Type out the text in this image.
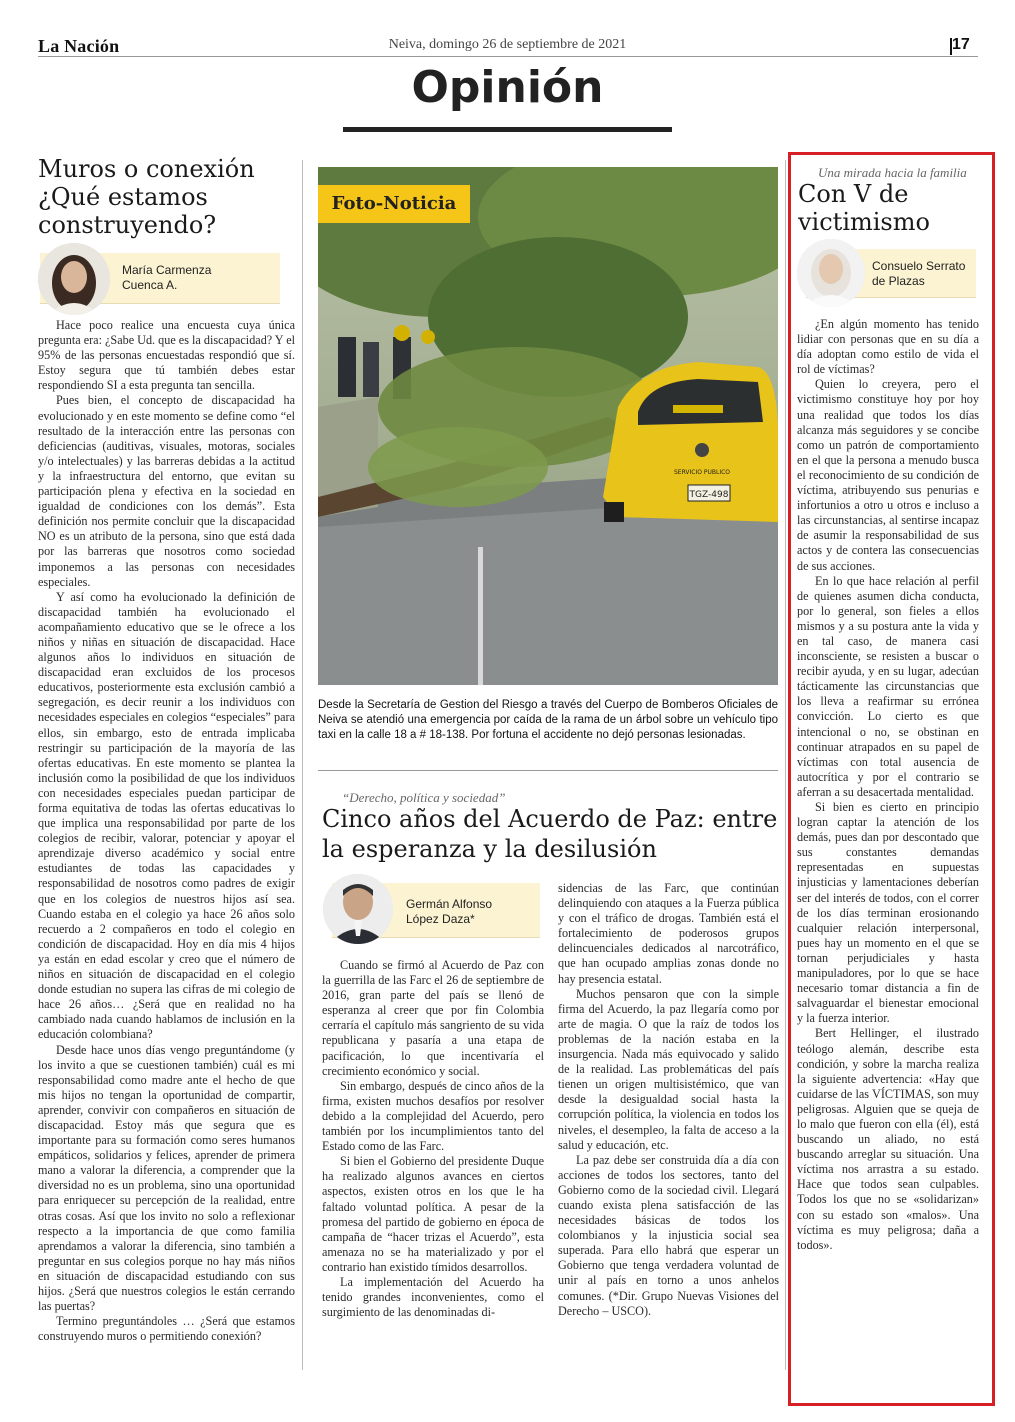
La Nación	Neiva, domingo 26 de septiembre de 2021	17
Opinión
Muros o conexión
¿Qué estamos
construyendo?
María Carmenza
Cuenca A.

Hace poco realice una encuesta cuya única pregunta era: ¿Sabe Ud. que es la discapacidad? Y el 95% de las personas encuestadas respondió que sí. Estoy segura que tú también debes estar respondiendo SI a esta pregunta tan sencilla.

Pues bien, el concepto de discapacidad ha evolucionado y en este momento se define como “el resultado de la interacción entre las personas con deficiencias (auditivas, visuales, motoras, sociales y/o intelectuales) y las barreras debidas a la actitud y la infraestructura del entorno, que evitan su participación plena y efectiva en la sociedad en igualdad de condiciones con los demás”. Esta definición nos permite concluir que la discapacidad NO es un atributo de la persona, sino que está dada por las barreras que nosotros como sociedad imponemos a las personas con necesidades especiales.

Y así como ha evolucionado la definición de discapacidad también ha evolucionado el acompañamiento educativo que se le ofrece a los niños y niñas en situación de discapacidad. Hace algunos años lo individuos en situación de discapacidad eran excluidos de los procesos educativos, posteriormente esta exclusión cambió a segregación, es decir reunir a los individuos con necesidades especiales en colegios “especiales” para ellos, sin embargo, esto de entrada implicaba restringir su participación de la mayoría de las ofertas educativas. En este momento se plantea la inclusión como la posibilidad de que los individuos con necesidades especiales puedan participar de forma equitativa de todas las ofertas educativas lo que implica una responsabilidad por parte de los colegios de recibir, valorar, potenciar y apoyar el aprendizaje diverso académico y social entre estudiantes de todas las capacidades y responsabilidad de nosotros como padres de exigir que en los colegios de nuestros hijos así sea. Cuando estaba en el colegio ya hace 26 años solo recuerdo a 2 compañeros en todo el colegio en condición de discapacidad. Hoy en día mis 4 hijos ya están en edad escolar y creo que el número de niños en situación de discapacidad en el colegio donde estudian no supera las cifras de mi colegio de hace 26 años… ¿Será que en realidad no ha cambiado nada cuando hablamos de inclusión en la educación colombiana?

Desde hace unos días vengo preguntándome (y los invito a que se cuestionen también) cuál es mi responsabilidad como madre ante el hecho de que mis hijos no tengan la oportunidad de compartir, aprender, convivir con compañeros en situación de discapacidad. Estoy más que segura que es importante para su formación como seres humanos empáticos, solidarios y felices, aprender de primera mano a valorar la diferencia, a comprender que la diversidad no es un problema, sino una oportunidad para enriquecer su percepción de la realidad, entre otras cosas. Así que los invito no solo a reflexionar respecto a la importancia de que como familia aprendamos a valorar la diferencia, sino también a preguntar en sus colegios porque no hay más niños en situación de discapacidad estudiando con sus hijos. ¿Será que nuestros colegios le están cerrando las puertas?

Termino preguntándoles … ¿Será que estamos construyendo muros o permitiendo conexión?

TGZ-498
SERVICIO PUBLICO
Foto-Noticia
Desde la Secretaría de Gestion del Riesgo a través del Cuerpo de Bomberos Oficiales de Neiva se atendió una emergencia por caída de la rama de un árbol sobre un vehículo tipo taxi en la calle 18 a # 18-138. Por fortuna el accidente no dejó personas lesionadas.
“Derecho, política y sociedad”
Cinco años del Acuerdo de Paz: entre
la esperanza y la desilusión
Germán Alfonso
López Daza*

Cuando se firmó al Acuerdo de Paz con la guerrilla de las Farc el 26 de septiembre de 2016, gran parte del país se llenó de esperanza al creer que por fin Colombia cerraría el capítulo más sangriento de su vida republicana y pasaría a una etapa de pacificación, lo que incentivaría el crecimiento económico y social.

Sin embargo, después de cinco años de la firma, existen muchos desafíos por resolver debido a la complejidad del Acuerdo, pero también por los incumplimientos tanto del Estado como de las Farc.

Si bien el Gobierno del presidente Duque ha realizado algunos avances en ciertos aspectos, existen otros en los que le ha faltado voluntad política. A pesar de la promesa del partido de gobierno en época de campaña de “hacer trizas el Acuerdo”, esta amenaza no se ha materializado y por el contrario han existido tímidos desarrollos.

La implementación del Acuerdo ha tenido grandes inconvenientes, como el surgimiento de las denominadas di-

sidencias de las Farc, que continúan delinquiendo con ataques a la Fuerza pública y con el tráfico de drogas. También está el fortalecimiento de poderosos grupos delincuenciales dedicados al narcotráfico, que han ocupado amplias zonas donde no hay presencia estatal.

Muchos pensaron que con la simple firma del Acuerdo, la paz llegaría como por arte de magia. O que la raíz de todos los problemas de la nación estaba en la insurgencia. Nada más equivocado y salido de la realidad. Las problemáticas del país tienen un origen multisistémico, que van desde la desigualdad social hasta la corrupción política, la violencia en todos los niveles, el desempleo, la falta de acceso a la salud y educación, etc.

La paz debe ser construida día a día con acciones de todos los sectores, tanto del Gobierno como de la sociedad civil. Llegará cuando exista plena satisfacción de las necesidades básicas de todos los colombianos y la injusticia social sea superada. Para ello habrá que esperar un Gobierno que tenga verdadera voluntad de unir al país en torno a unos anhelos comunes. (*Dir. Grupo Nuevas Visiones del Derecho – USCO).

Una mirada hacia la familia
Con V de
victimismo
Consuelo Serrato
de Plazas

¿En algún momento has tenido lidiar con personas que en su día a día adoptan como estilo de vida el rol de víctimas?

Quien lo creyera, pero el victimismo constituye hoy por hoy una realidad que todos los días alcanza más seguidores y se concibe como un patrón de comportamiento en el que la persona a menudo busca el reconocimiento de su condición de víctima, atribuyendo sus penurias e infortunios a otro u otros e incluso a las circunstancias, al sentirse incapaz de asumir la responsabilidad de sus actos y de contera las consecuencias de sus acciones.

En lo que hace relación al perfil de quienes asumen dicha conducta, por lo general, son fieles a ellos mismos y a su postura ante la vida y en tal caso, de manera casi inconsciente, se resisten a buscar o recibir ayuda, y en su lugar, adecúan tácticamente las circunstancias que los lleva a reafirmar su errónea convicción. Lo cierto es que intencional o no, se obstinan en continuar atrapados en su papel de víctimas con total ausencia de autocrítica y por el contrario se aferran a su desacertada mentalidad.

Si bien es cierto en principio logran captar la atención de los demás, pues dan por descontado que sus constantes demandas representadas en supuestas injusticias y lamentaciones deberían ser del interés de todos, con el correr de los días terminan erosionando cualquier relación interpersonal, pues hay un momento en el que se tornan perjudiciales y hasta manipuladores, por lo que se hace necesario tomar distancia a fin de salvaguardar el bienestar emocional y la fuerza interior.

Bert Hellinger, el ilustrado teólogo alemán, describe esta condición, y sobre la marcha realiza la siguiente advertencia: «Hay que cuidarse de las VÍCTIMAS, son muy peligrosas. Alguien que se queja de lo malo que fueron con ella (él), está buscando un aliado, no está buscando arreglar su situación. Una víctima nos arrastra a su estado. Hace que todos sean culpables. Todos los que no se «solidarizan» con su estado son «malos». Una víctima es muy peligrosa; daña a todos».
